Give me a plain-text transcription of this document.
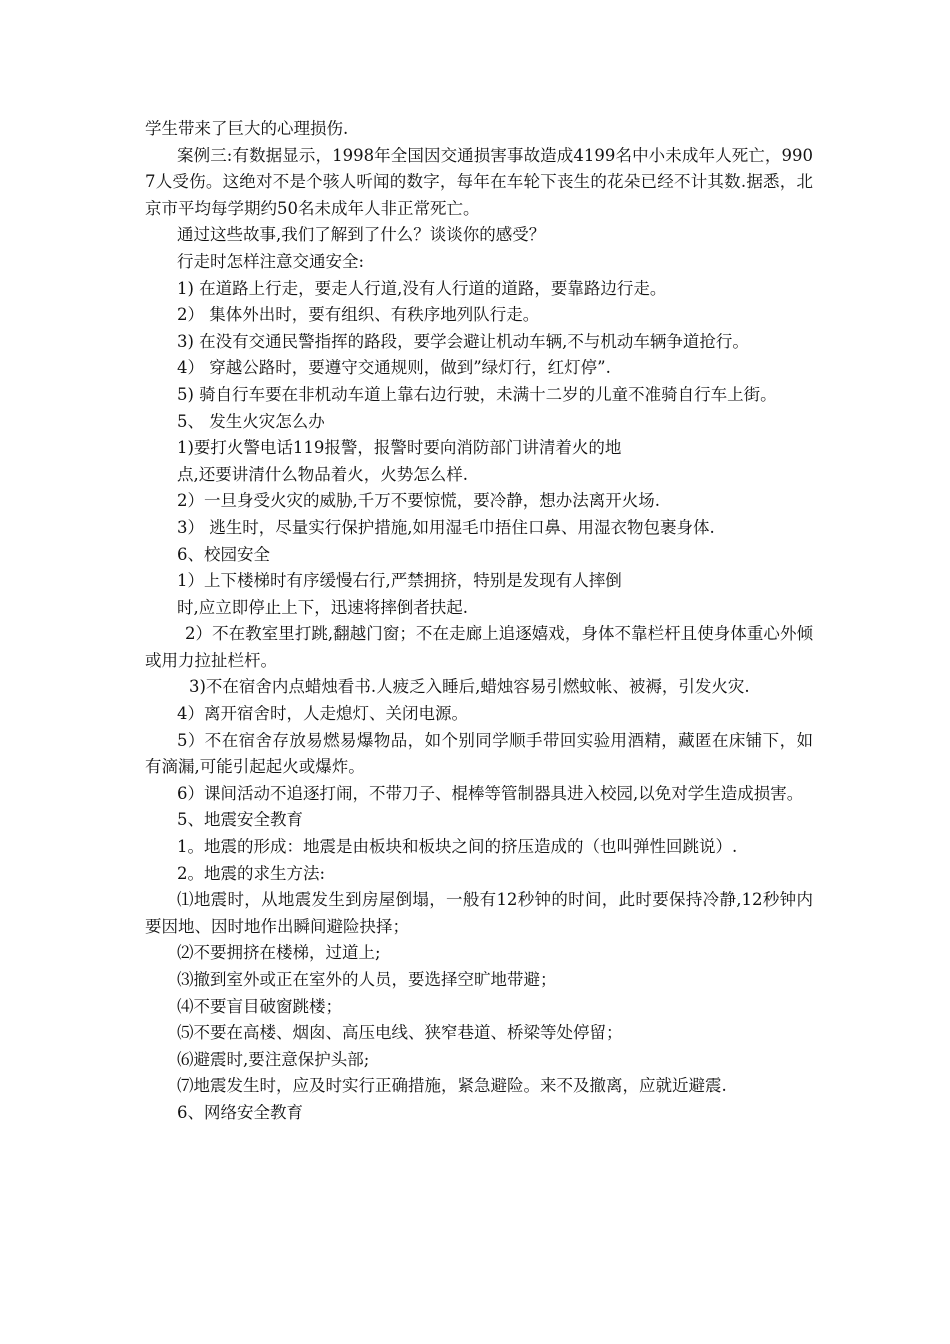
学生带来了巨大的心理损伤.

案例三:有数据显示，1998年全国因交通损害事故造成4199名中小未成年人死亡，9907人受伤。这绝对不是个骇人听闻的数字，每年在车轮下丧生的花朵已经不计其数.据悉，北京市平均每学期约50名未成年人非正常死亡。

通过这些故事,我们了解到了什么？谈谈你的感受？

行走时怎样注意交通安全:

1) 在道路上行走，要走人行道,没有人行道的道路，要靠路边行走。

2） 集体外出时，要有组织、有秩序地列队行走。

3) 在没有交通民警指挥的路段，要学会避让机动车辆,不与机动车辆争道抢行。

4） 穿越公路时，要遵守交通规则，做到”绿灯行，红灯停”.

5) 骑自行车要在非机动车道上靠右边行驶，未满十二岁的儿童不准骑自行车上街。

5、 发生火灾怎么办

1)要打火警电话119报警，报警时要向消防部门讲清着火的地

点,还要讲清什么物品着火，火势怎么样.

2）一旦身受火灾的威胁,千万不要惊慌，要冷静，想办法离开火场.

3） 逃生时，尽量实行保护措施,如用湿毛巾捂住口鼻、用湿衣物包裹身体.

6、校园安全

1）上下楼梯时有序缓慢右行,严禁拥挤，特别是发现有人摔倒

时,应立即停止上下，迅速将摔倒者扶起.

2）不在教室里打跳,翻越门窗；不在走廊上追逐嬉戏，身体不靠栏杆且使身体重心外倾或用力拉扯栏杆。

3)不在宿舍内点蜡烛看书.人疲乏入睡后,蜡烛容易引燃蚊帐、被褥，引发火灾.

4）离开宿舍时，人走熄灯、关闭电源。

5）不在宿舍存放易燃易爆物品，如个别同学顺手带回实验用酒精，藏匿在床铺下，如有滴漏,可能引起起火或爆炸。

6）课间活动不追逐打闹，不带刀子、棍棒等管制器具进入校园,以免对学生造成损害。

5、地震安全教育

1。地震的形成：地震是由板块和板块之间的挤压造成的（也叫弹性回跳说）.

2。地震的求生方法:

⑴地震时，从地震发生到房屋倒塌，一般有12秒钟的时间，此时要保持冷静,12秒钟内要因地、因时地作出瞬间避险抉择；

⑵不要拥挤在楼梯，过道上;

⑶撤到室外或正在室外的人员，要选择空旷地带避；

⑷不要盲目破窗跳楼；

⑸不要在高楼、烟囱、高压电线、狭窄巷道、桥梁等处停留；

⑹避震时,要注意保护头部;

⑺地震发生时，应及时实行正确措施，紧急避险。来不及撤离，应就近避震.

6、网络安全教育
